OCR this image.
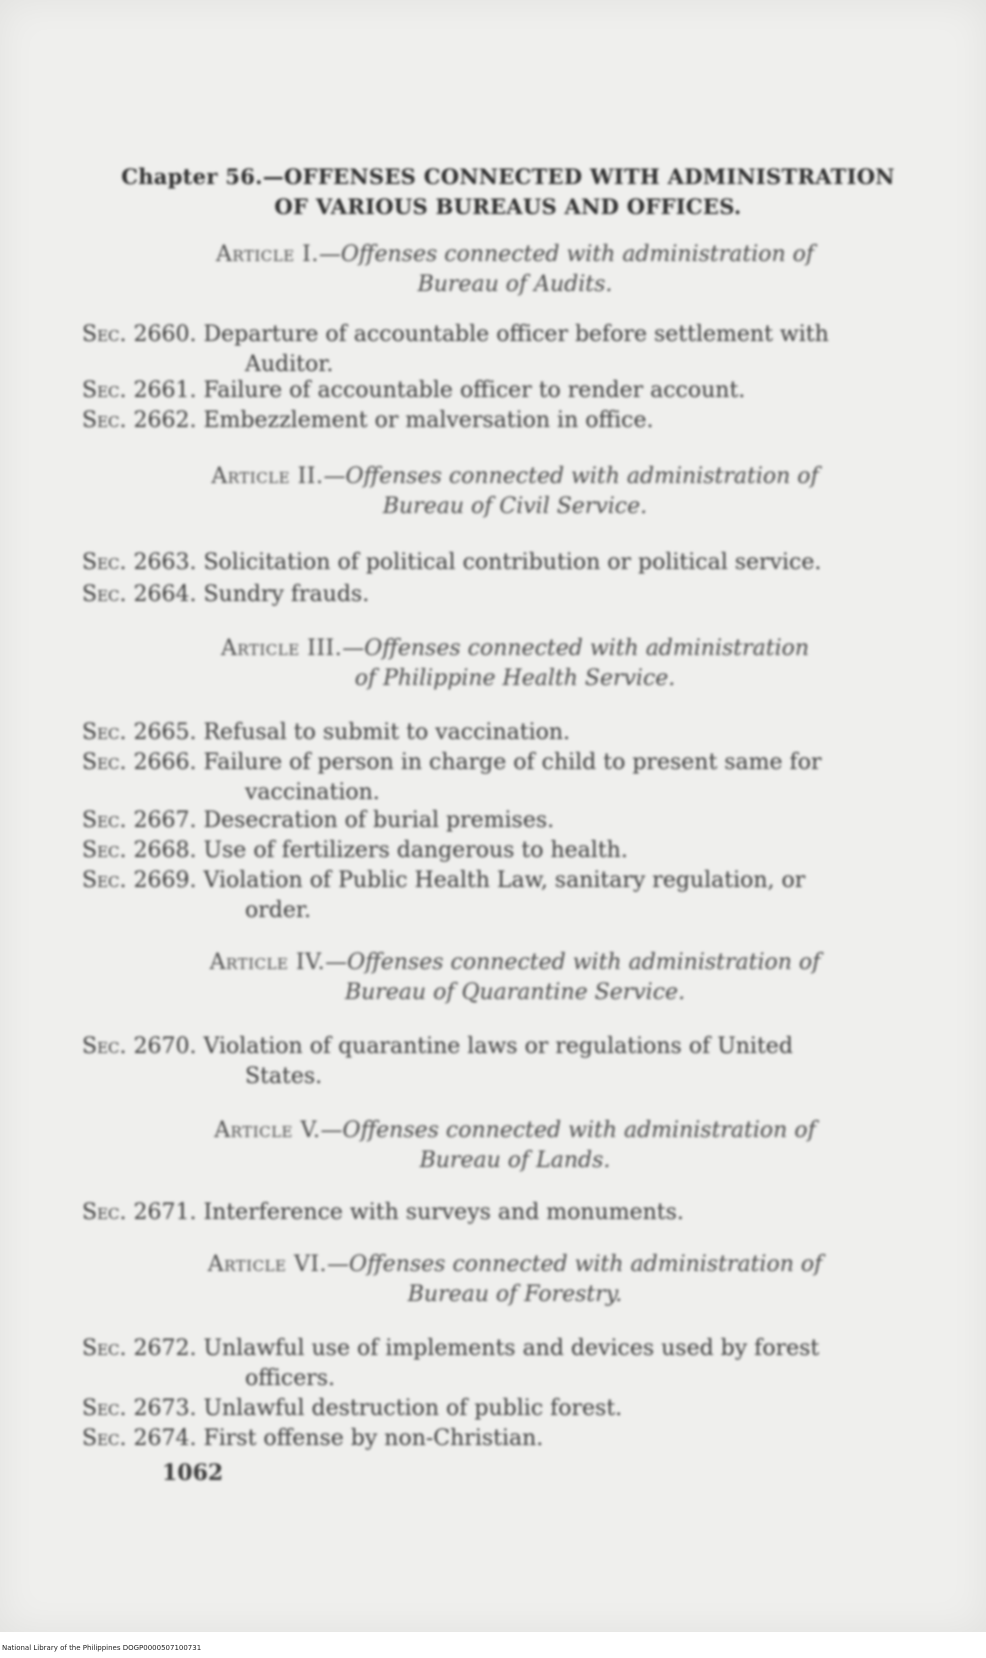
Chapter 56.—OFFENSES CONNECTED WITH ADMINISTRATION OF VARIOUS BUREAUS AND OFFICES.
Article I.—Offenses connected with administration of
Bureau of Audits.
Sec. 2660. Departure of accountable officer before settlement with
Auditor.
Sec. 2661. Failure of accountable officer to render account.
Sec. 2662. Embezzlement or malversation in office.
Article II.—Offenses connected with administration of
Bureau of Civil Service.
Sec. 2663. Solicitation of political contribution or political service.
Sec. 2664. Sundry frauds.
Article III.—Offenses connected with administration
of Philippine Health Service.
Sec. 2665. Refusal to submit to vaccination.
Sec. 2666. Failure of person in charge of child to present same for
vaccination.
Sec. 2667. Desecration of burial premises.
Sec. 2668. Use of fertilizers dangerous to health.
Sec. 2669. Violation of Public Health Law, sanitary regulation, or
order.
Article IV.—Offenses connected with administration of
Bureau of Quarantine Service.
Sec. 2670. Violation of quarantine laws or regulations of United
States.
Article V.—Offenses connected with administration of
Bureau of Lands.
Sec. 2671. Interference with surveys and monuments.
Article VI.—Offenses connected with administration of
Bureau of Forestry.
Sec. 2672. Unlawful use of implements and devices used by forest
officers.
Sec. 2673. Unlawful destruction of public forest.
Sec. 2674. First offense by non-Christian.
1062
National Library of the Philippines DOGP0000507100731
